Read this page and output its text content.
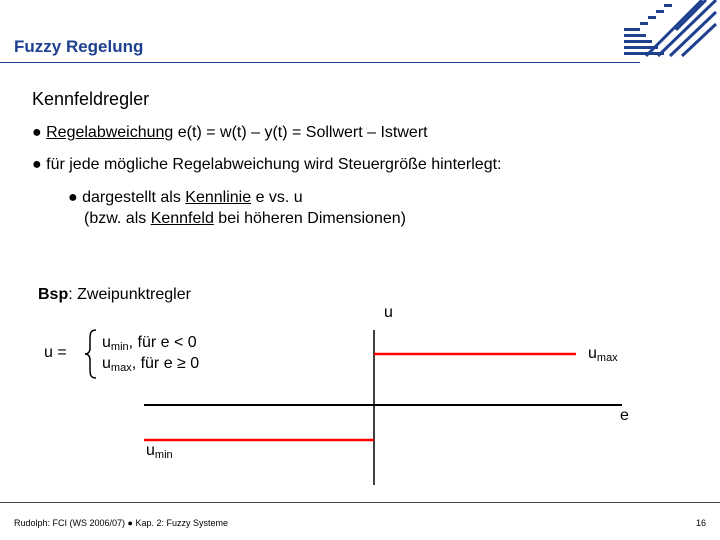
Fuzzy Regelung
Kennfeldregler
● Regelabweichung e(t) = w(t) – y(t) = Sollwert – Istwert
● für jede mögliche Regelabweichung wird Steuergröße hinterlegt:
● dargestellt als Kennlinie e vs. u
(bzw. als Kennfeld bei höheren Dimensionen)
Bsp: Zweipunktregler
u =
$u_{min}$, für e < 0
$u_{max}$, für e ≥ 0
u
e
$u_{max}$
$u_{min}$
Rudolph: FCI (WS 2006/07) ● Kap. 2: Fuzzy Systeme	16
